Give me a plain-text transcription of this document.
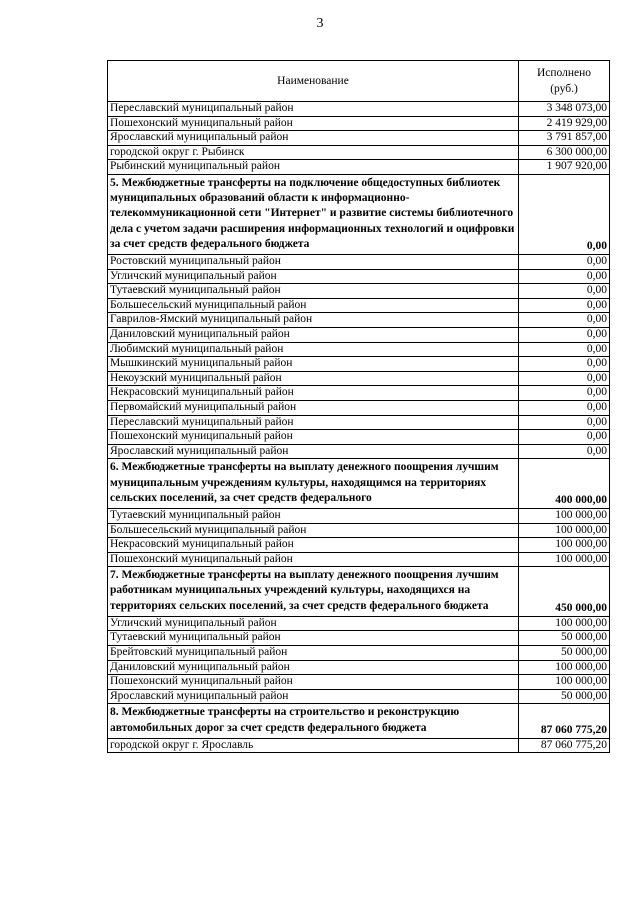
3
Наименование	Исполнено
(руб.)
Переславский муниципальный район	3 348 073,00
Пошехонский муниципальный район	2 419 929,00
Ярославский муниципальный район	3 791 857,00
городской округ г. Рыбинск	6 300 000,00
Рыбинский муниципальный район	1 907 920,00
5. Межбюджетные трансферты на подключение общедоступных библиотек муниципальных образований области к информационно-телекоммуникационной сети "Интернет" и развитие системы библиотечного дела с учетом задачи расширения информационных технологий и оцифровки за счет средств федерального бюджета	0,00
Ростовский муниципальный район	0,00
Угличский муниципальный район	0,00
Тутаевский муниципальный район	0,00
Большесельский муниципальный район	0,00
Гаврилов-Ямский муниципальный район	0,00
Даниловский муниципальный район	0,00
Любимский муниципальный район	0,00
Мышкинский муниципальный район	0,00
Некоузский муниципальный район	0,00
Некрасовский муниципальный район	0,00
Первомайский муниципальный район	0,00
Переславский муниципальный район	0,00
Пошехонский муниципальный район	0,00
Ярославский муниципальный район	0,00
6. Межбюджетные трансферты на выплату денежного поощрения лучшим муниципальным учреждениям культуры, находящимся на территориях сельских поселений, за счет средств федерального	400 000,00
Тутаевский муниципальный район	100 000,00
Большесельский муниципальный район	100 000,00
Некрасовский муниципальный район	100 000,00
Пошехонский муниципальный район	100 000,00
7. Межбюджетные трансферты на выплату денежного поощрения лучшим работникам муниципальных учреждений культуры, находящихся на территориях сельских поселений, за счет средств федерального бюджета	450 000,00
Угличский муниципальный район	100 000,00
Тутаевский муниципальный район	50 000,00
Брейтовский муниципальный район	50 000,00
Даниловский муниципальный район	100 000,00
Пошехонский муниципальный район	100 000,00
Ярославский муниципальный район	50 000,00
8. Межбюджетные трансферты на строительство и реконструкцию автомобильных дорог за счет средств федерального бюджета	87 060 775,20
городской округ г. Ярославль	87 060 775,20
